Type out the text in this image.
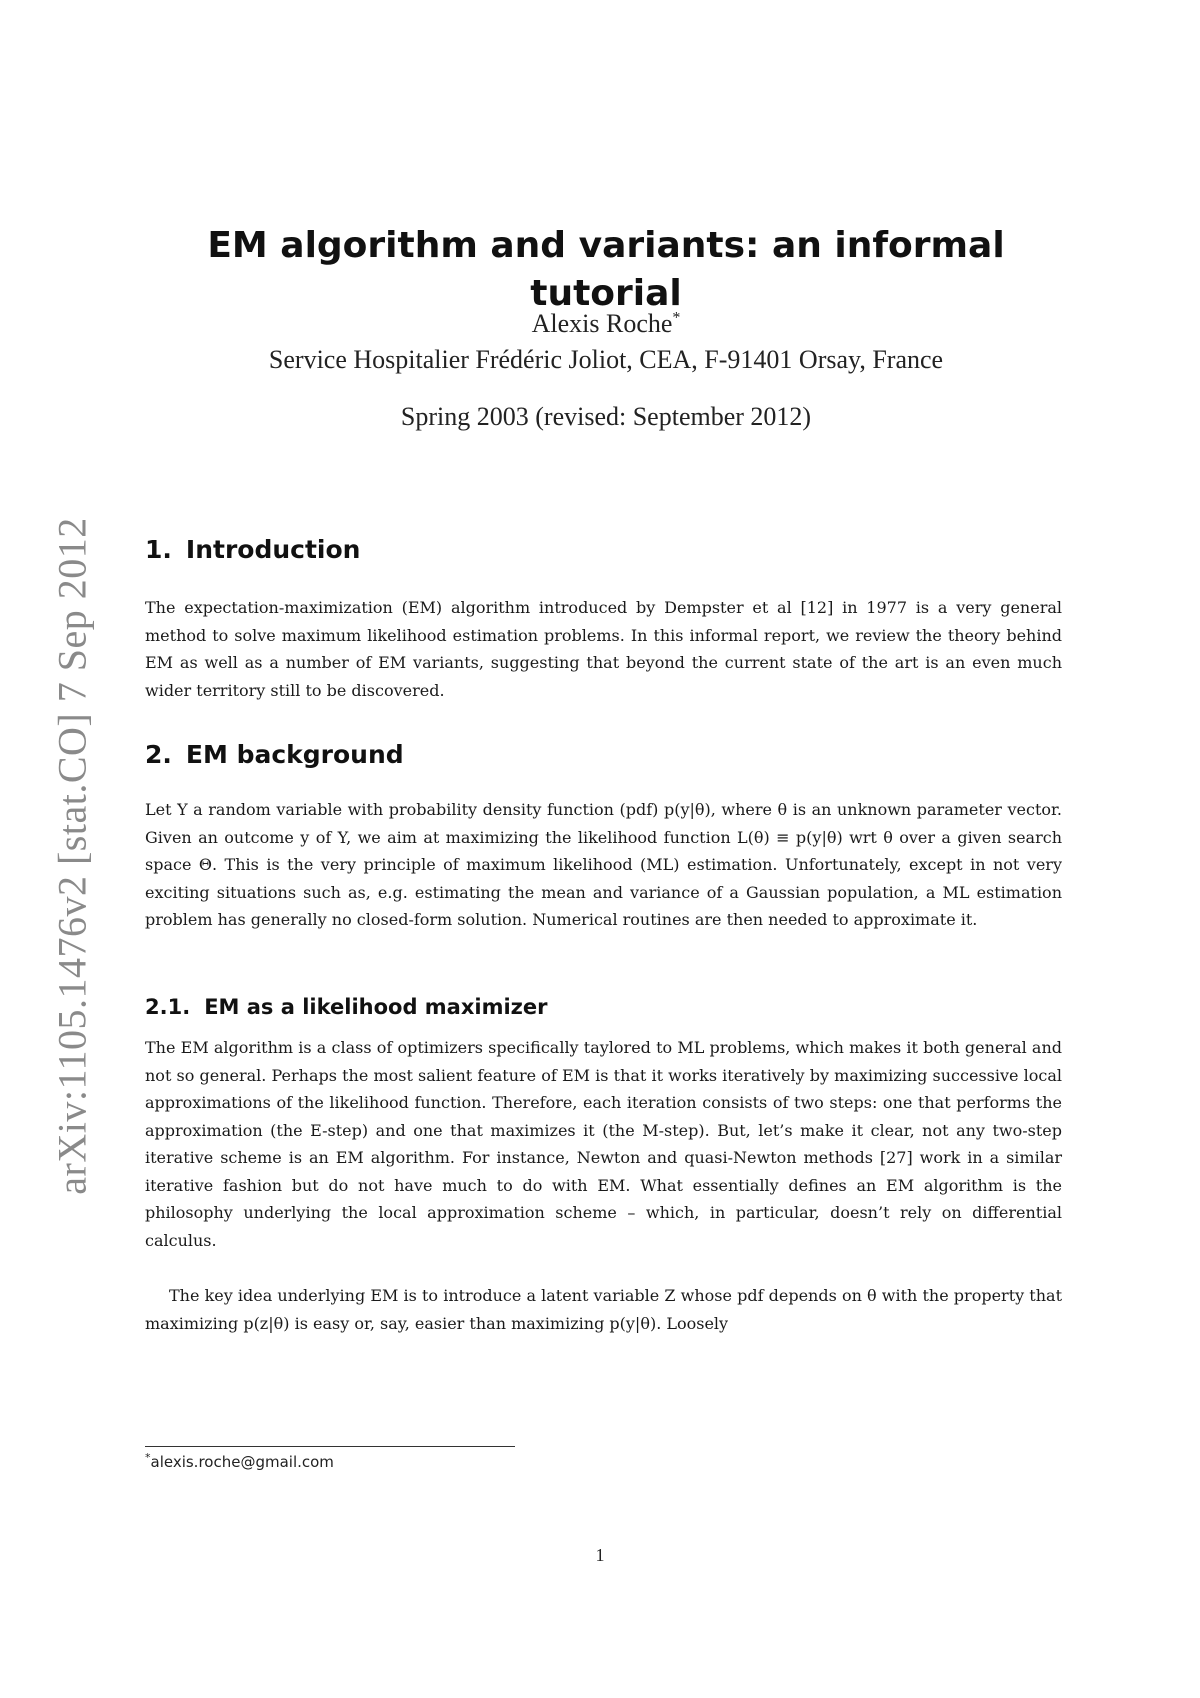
arXiv:1105.1476v2 [stat.CO] 7 Sep 2012
EM algorithm and variants: an informal tutorial
Alexis Roche*
Service Hospitalier Frédéric Joliot, CEA, F-91401 Orsay, France
Spring 2003 (revised: September 2012)
1. Introduction

The expectation-maximization (EM) algorithm introduced by Dempster et al [12] in 1977 is a very general method to solve maximum likelihood estimation problems. In this informal report, we review the theory behind EM as well as a number of EM variants, suggesting that beyond the current state of the art is an even much wider territory still to be discovered.

2. EM background

Let Y a random variable with probability density function (pdf) p(y|θ), where θ is an unknown parameter vector. Given an outcome y of Y, we aim at maximizing the likelihood function L(θ) ≡ p(y|θ) wrt θ over a given search space Θ. This is the very principle of maximum likelihood (ML) estimation. Unfortunately, except in not very exciting situations such as, e.g. estimating the mean and variance of a Gaussian population, a ML estimation problem has generally no closed-form solution. Numerical routines are then needed to approximate it.

2.1. EM as a likelihood maximizer

The EM algorithm is a class of optimizers specifically taylored to ML problems, which makes it both general and not so general. Perhaps the most salient feature of EM is that it works iteratively by maximizing successive local approximations of the likelihood function. Therefore, each iteration consists of two steps: one that performs the approximation (the E-step) and one that maximizes it (the M-step). But, let’s make it clear, not any two-step iterative scheme is an EM algorithm. For instance, Newton and quasi-Newton methods [27] work in a similar iterative fashion but do not have much to do with EM. What essentially defines an EM algorithm is the philosophy underlying the local approximation scheme – which, in particular, doesn’t rely on differential calculus.

The key idea underlying EM is to introduce a latent variable Z whose pdf depends on θ with the property that maximizing p(z|θ) is easy or, say, easier than maximizing p(y|θ). Loosely

*alexis.roche@gmail.com
1
